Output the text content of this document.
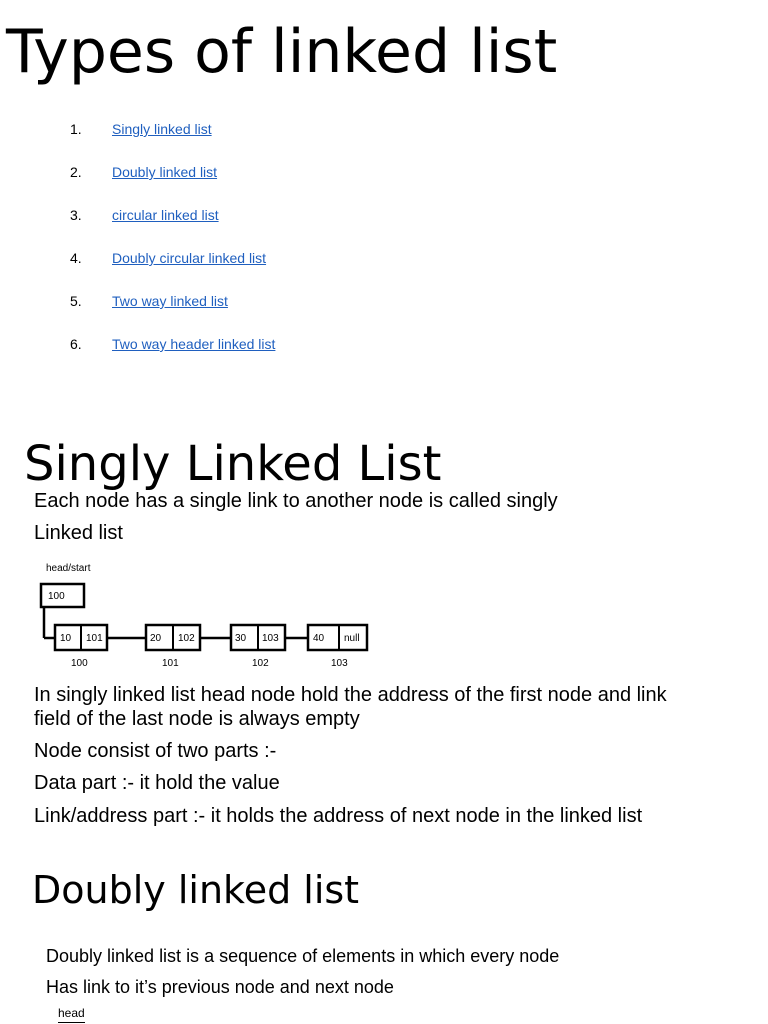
Types of linked list
1. Singly linked list
2. Doubly linked list
3. circular linked list
4. Doubly circular linked list
5. Two way linked list
6. Two way header linked list
Singly Linked List
Each node has a single link to another node is called singly
Linked list
head/start
100
10 101
100
20 102
101
30 103
102
40 null
103
In singly linked list head node hold the address of the first node and link
field of the last node is always empty
Node consist of two parts :-
Data part :- it hold the value
Link/address part :- it holds the address of next node in the linked list
Doubly linked list
Doubly linked list is a sequence of elements in which every node
Has link to it’s previous node and next node
head
